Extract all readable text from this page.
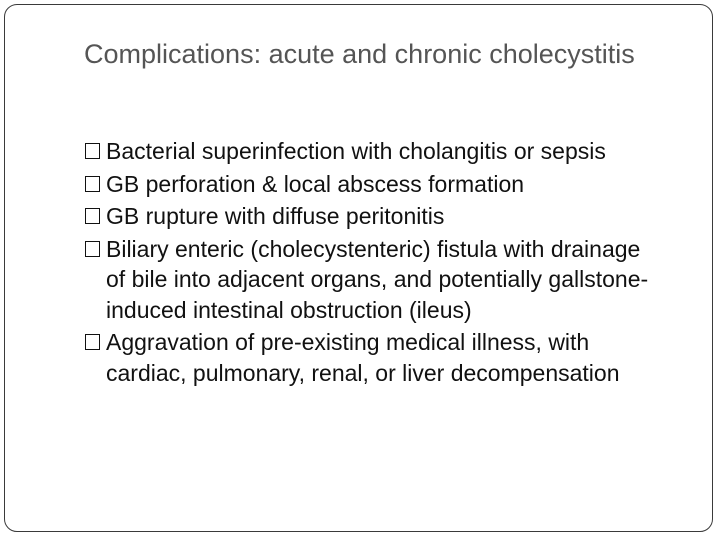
Complications: acute and chronic cholecystitis
Bacterial superinfection with cholangitis or sepsis
GB perforation & local abscess formation
GB rupture with diffuse peritonitis
Biliary enteric (cholecystenteric) fistula with drainage of bile into adjacent organs, and potentially gallstone-induced intestinal obstruction (ileus)
Aggravation of pre-existing medical illness, with cardiac, pulmonary, renal, or liver decompensation
